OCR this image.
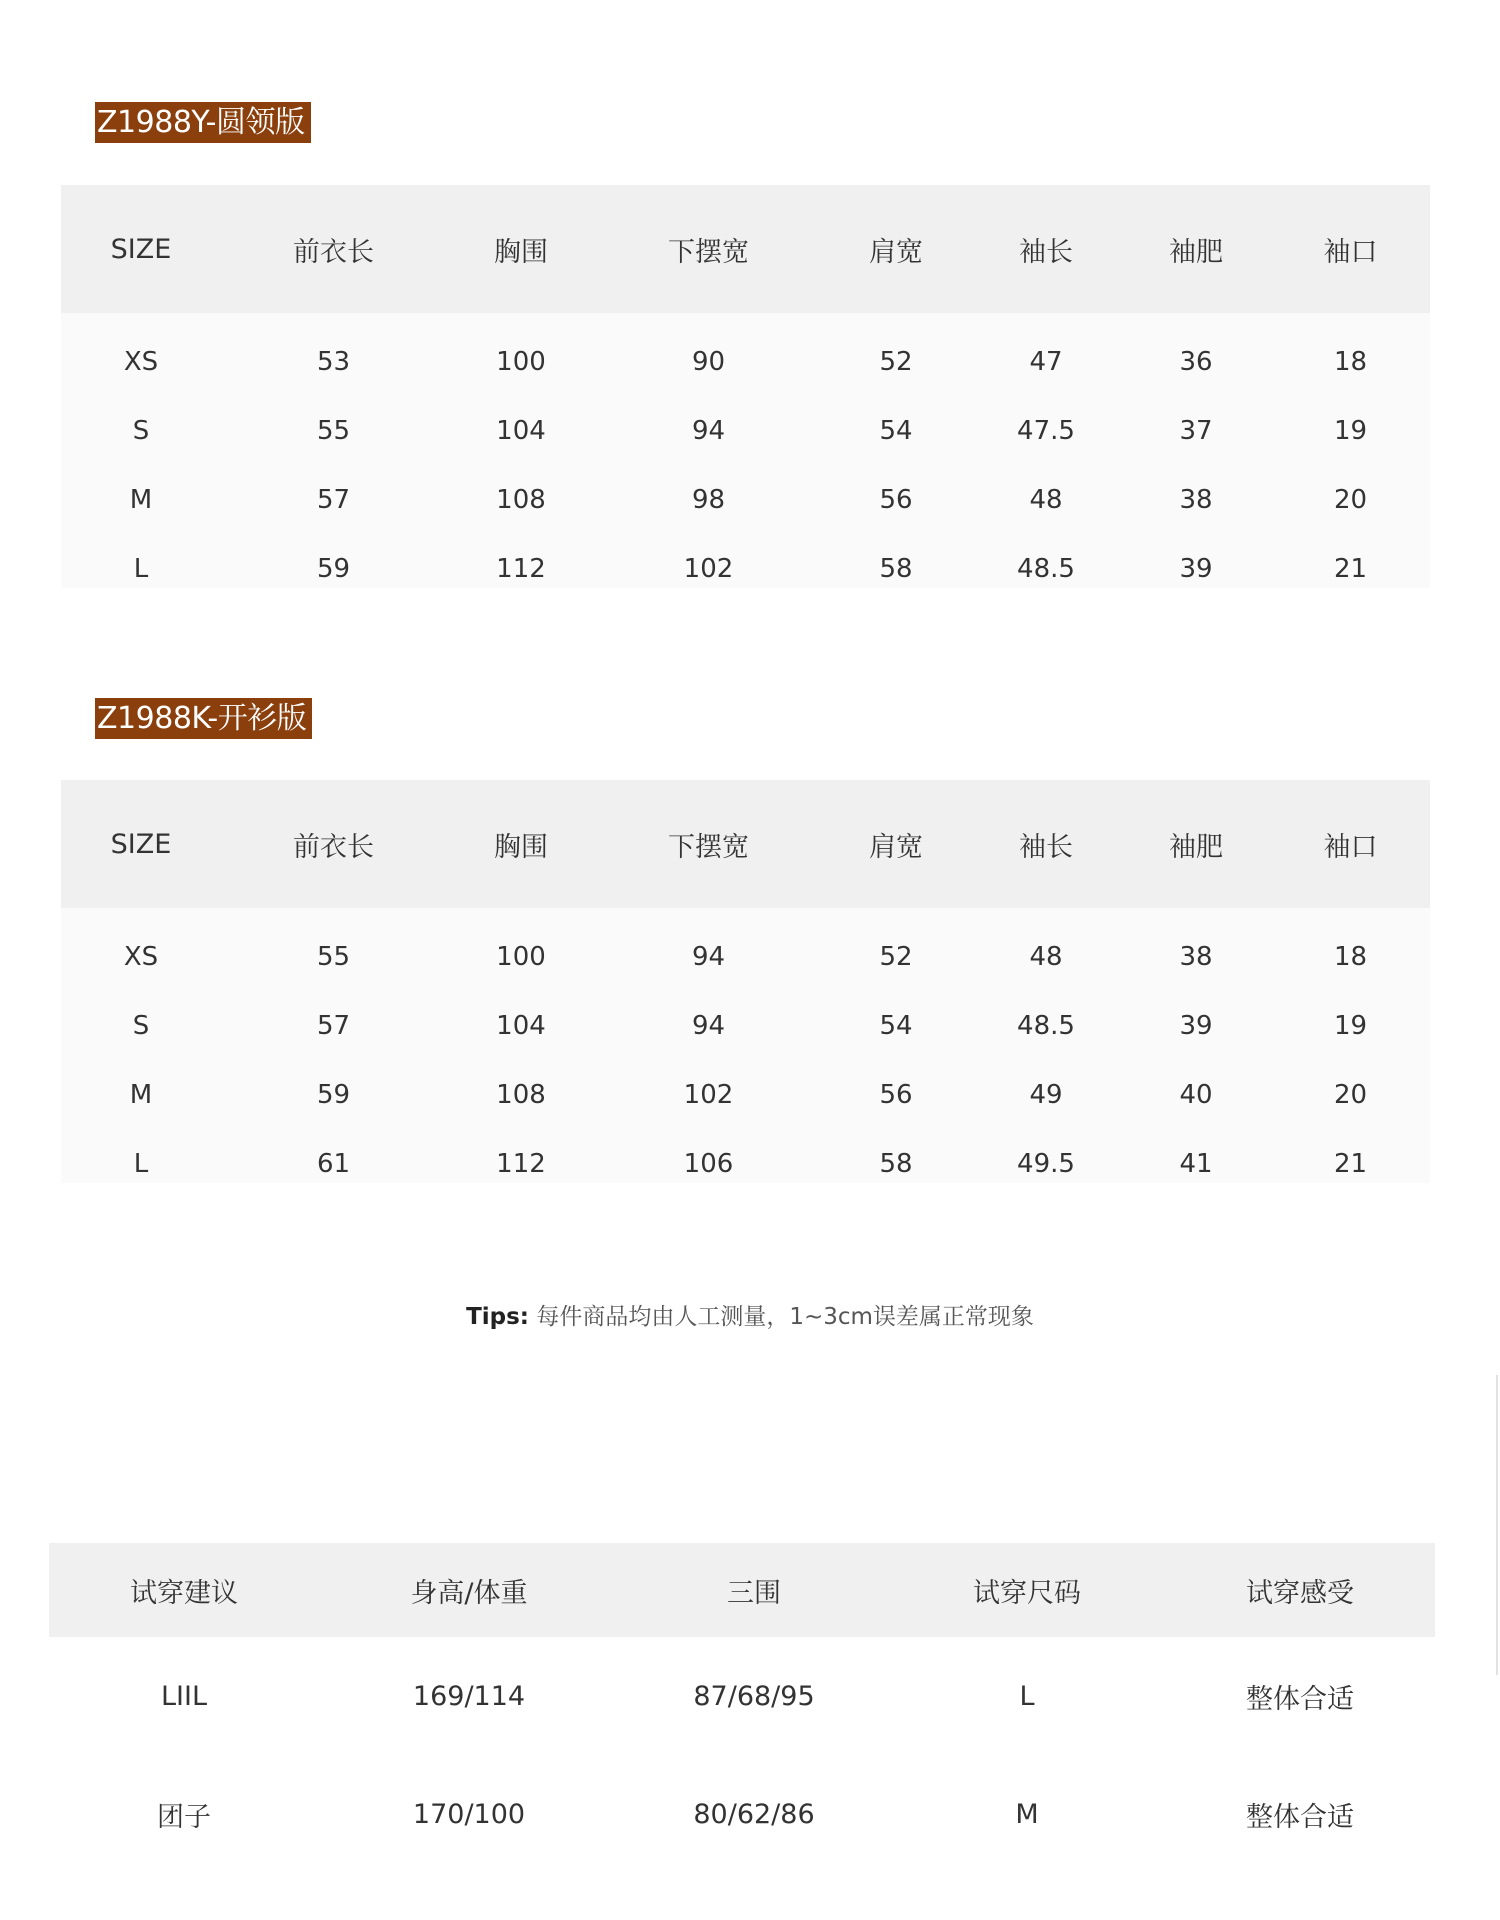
Z1988Y-圆领版
SIZE	前衣长	胸围	下摆宽	肩宽	袖长	袖肥	袖口
XS	53	100	90	52	47	36	18
S	55	104	94	54	47.5	37	19
M	57	108	98	56	48	38	20
L	59	112	102	58	48.5	39	21
Z1988K-开衫版
SIZE	前衣长	胸围	下摆宽	肩宽	袖长	袖肥	袖口
XS	55	100	94	52	48	38	18
S	57	104	94	54	48.5	39	19
M	59	108	102	56	49	40	20
L	61	112	106	58	49.5	41	21
Tips: 每件商品均由人工测量，1~3cm误差属正常现象
试穿建议	身高/体重	三围	试穿尺码	试穿感受
LIIL	169/114	87/68/95	L	整体合适
团子	170/100	80/62/86	M	整体合适
